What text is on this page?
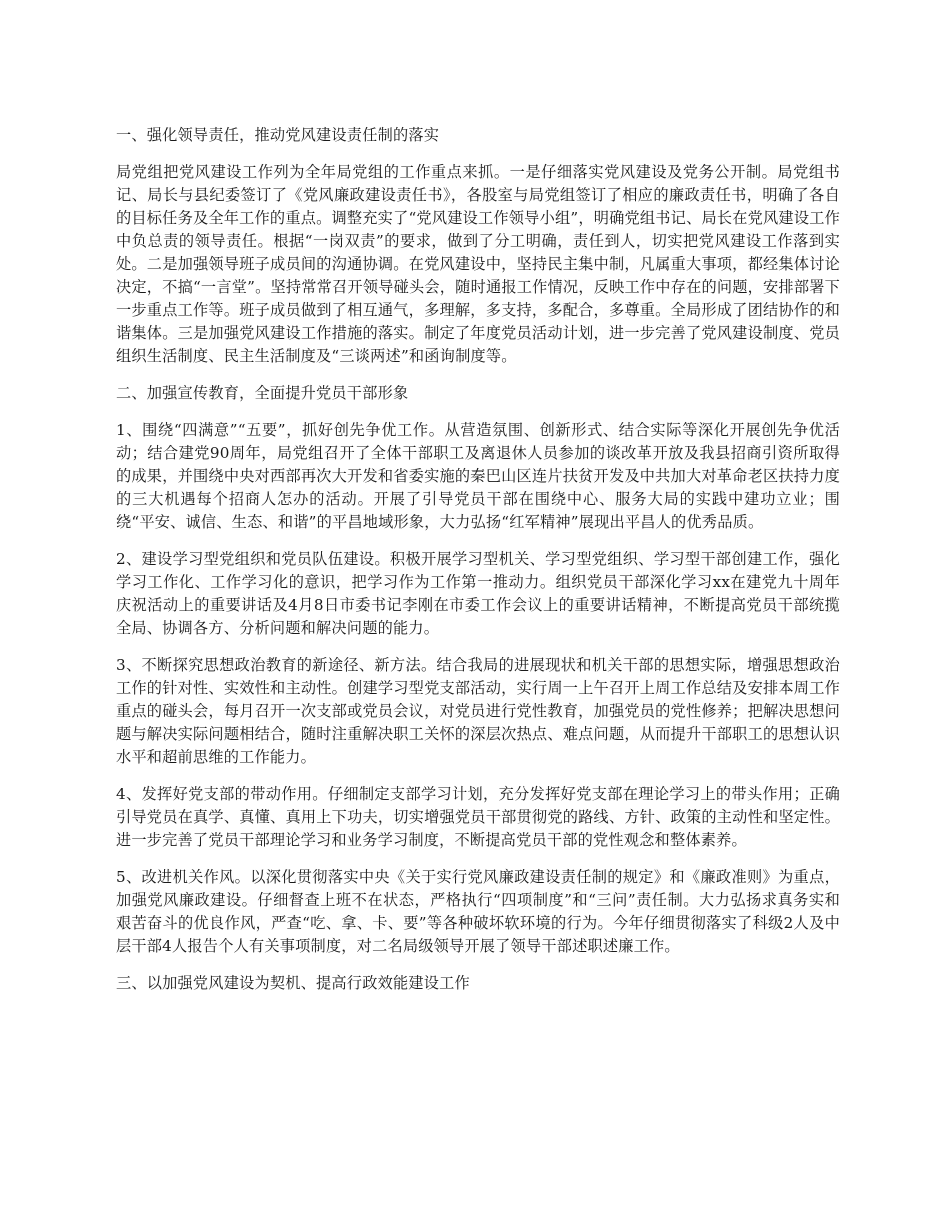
一、强化领导责任，推动党风建设责任制的落实

局党组把党风建设工作列为全年局党组的工作重点来抓。一是仔细落实党风建设及党务公开制。局党组书记、局长与县纪委签订了《党风廉政建设责任书》，各股室与局党组签订了相应的廉政责任书，明确了各自的目标任务及全年工作的重点。调整充实了“党风建设工作领导小组”，明确党组书记、局长在党风建设工作中负总责的领导责任。根据“一岗双责”的要求，做到了分工明确，责任到人，切实把党风建设工作落到实处。二是加强领导班子成员间的沟通协调。在党风建设中，坚持民主集中制，凡属重大事项，都经集体讨论决定，不搞“一言堂”。坚持常常召开领导碰头会，随时通报工作情况，反映工作中存在的问题，安排部署下一步重点工作等。班子成员做到了相互通气，多理解，多支持，多配合，多尊重。全局形成了团结协作的和谐集体。三是加强党风建设工作措施的落实。制定了年度党员活动计划，进一步完善了党风建设制度、党员组织生活制度、民主生活制度及“三谈两述”和函询制度等。

二、加强宣传教育，全面提升党员干部形象

1、围绕“四满意”“五要”，抓好创先争优工作。从营造氛围、创新形式、结合实际等深化开展创先争优活动；结合建党90周年，局党组召开了全体干部职工及离退休人员参加的谈改革开放及我县招商引资所取得的成果，并围绕中央对西部再次大开发和省委实施的秦巴山区连片扶贫开发及中共加大对革命老区扶持力度的三大机遇每个招商人怎办的活动。开展了引导党员干部在围绕中心、服务大局的实践中建功立业；围绕“平安、诚信、生态、和谐”的平昌地域形象，大力弘扬“红军精神”展现出平昌人的优秀品质。

2、建设学习型党组织和党员队伍建设。积极开展学习型机关、学习型党组织、学习型干部创建工作，强化学习工作化、工作学习化的意识，把学习作为工作第一推动力。组织党员干部深化学习xx在建党九十周年庆祝活动上的重要讲话及4月8日市委书记李刚在市委工作会议上的重要讲话精神，不断提高党员干部统揽全局、协调各方、分析问题和解决问题的能力。

3、不断探究思想政治教育的新途径、新方法。结合我局的进展现状和机关干部的思想实际，增强思想政治工作的针对性、实效性和主动性。创建学习型党支部活动，实行周一上午召开上周工作总结及安排本周工作重点的碰头会，每月召开一次支部或党员会议，对党员进行党性教育，加强党员的党性修养；把解决思想问题与解决实际问题相结合，随时注重解决职工关怀的深层次热点、难点问题，从而提升干部职工的思想认识水平和超前思维的工作能力。

4、发挥好党支部的带动作用。仔细制定支部学习计划，充分发挥好党支部在理论学习上的带头作用；正确引导党员在真学、真懂、真用上下功夫，切实增强党员干部贯彻党的路线、方针、政策的主动性和坚定性。进一步完善了党员干部理论学习和业务学习制度，不断提高党员干部的党性观念和整体素养。

5、改进机关作风。以深化贯彻落实中央《关于实行党风廉政建设责任制的规定》和《廉政准则》为重点，加强党风廉政建设。仔细督查上班不在状态，严格执行“四项制度”和“三问”责任制。大力弘扬求真务实和艰苦奋斗的优良作风，严查“吃、拿、卡、要”等各种破坏软环境的行为。今年仔细贯彻落实了科级2人及中层干部4人报告个人有关事项制度，对二名局级领导开展了领导干部述职述廉工作。

三、以加强党风建设为契机、提高行政效能建设工作
